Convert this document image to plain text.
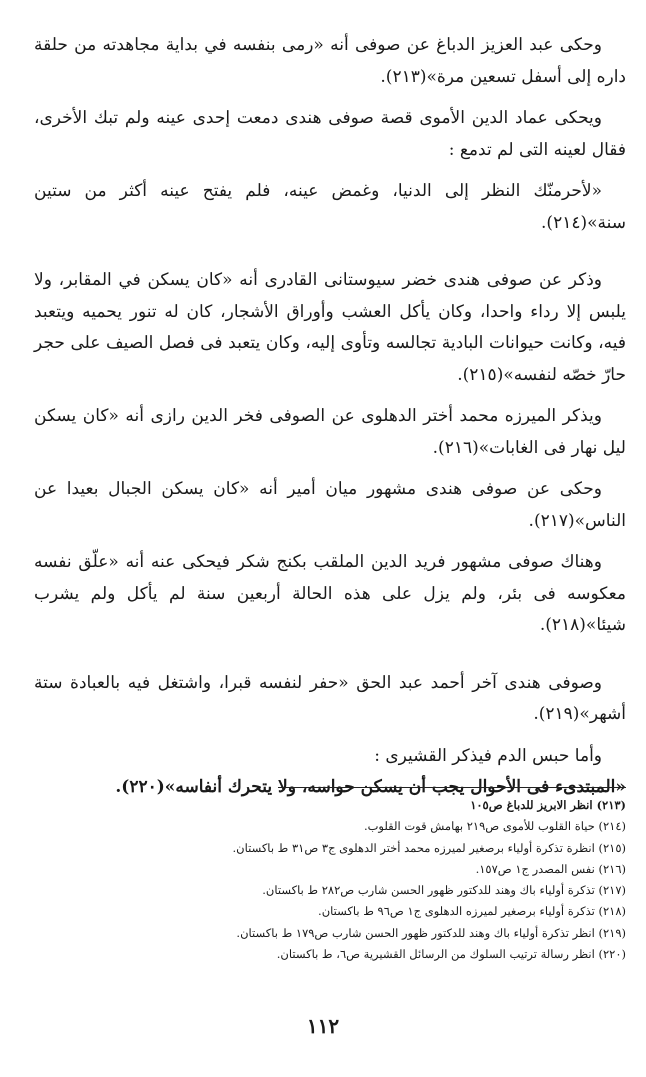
وحكى عبد العزيز الدباغ عن صوفى أنه «رمى بنفسه في بداية مجاهدته من حلقة داره إلى أسفل تسعين مرة»(٢١٣).

ويحكى عماد الدين الأموى قصة صوفى هندى دمعت إحدى عينه ولم تبك الأخرى، فقال لعينه التى لم تدمع :

«لأحرمنّك النظر إلى الدنيا، وغمض عينه، فلم يفتح عينه أكثر من ستين سنة»(٢١٤).

وذكر عن صوفى هندى خضر سيوستانى القادرى أنه «كان يسكن في المقابر، ولا يلبس إلا رداء واحدا، وكان يأكل العشب وأوراق الأشجار، كان له تنور يحميه ويتعبد فيه، وكانت حيوانات البادية تجالسه وتأوى إليه، وكان يتعبد فى فصل الصيف على حجر حارّ خصّه لنفسه»(٢١٥).

ويذكر الميرزه محمد أختر الدهلوى عن الصوفى فخر الدين رازى أنه «كان يسكن ليل نهار فى الغابات»(٢١٦).

وحكى عن صوفى هندى مشهور ميان أمير أنه «كان يسكن الجبال بعيدا عن الناس»(٢١٧).

وهناك صوفى مشهور فريد الدين الملقب بكنج شكر فيحكى عنه أنه «علّق نفسه معكوسه فى بئر، ولم يزل على هذه الحالة أربعين سنة لم يأكل ولم يشرب شيئا»(٢١٨).

وصوفى هندى آخر أحمد عبد الحق «حفر لنفسه قبرا، واشتغل فيه بالعبادة ستة أشهر»(٢١٩).

وأما حبس الدم فيذكر القشيرى :

«المبتدىء فى الأحوال يجب أن يسكن حواسه، ولا يتحرك أنفاسه»(٢٢٠).

(٢١٣) انظر الابريز للدباغ ص١٠٥
(٢١٤) حياة القلوب للأموى ص٢١٩ بهامش قوت القلوب.
(٢١٥) انظرة تذكرة أولياء برصغير لميرزه محمد أختر الدهلوى ج٣ ص٣١ ط باكستان.
(٢١٦) نفس المصدر ج١ ص١٥٧.
(٢١٧) تذكرة أولياء باك وهند للدكتور ظهور الحسن شارب ص٢٨٢ ط باكستان.
(٢١٨) تذكرة أولياء برصغير لميرزه الدهلوى ج١ ص٩٦ ط باكستان.
(٢١٩) انظر تذكرة أولياء باك وهند للدكتور ظهور الحسن شارب ص١٧٩ ط باكستان.
(٢٢٠) انظر رسالة ترتيب السلوك من الرسائل القشيرية ص٦، ط باكستان.
١١٢
